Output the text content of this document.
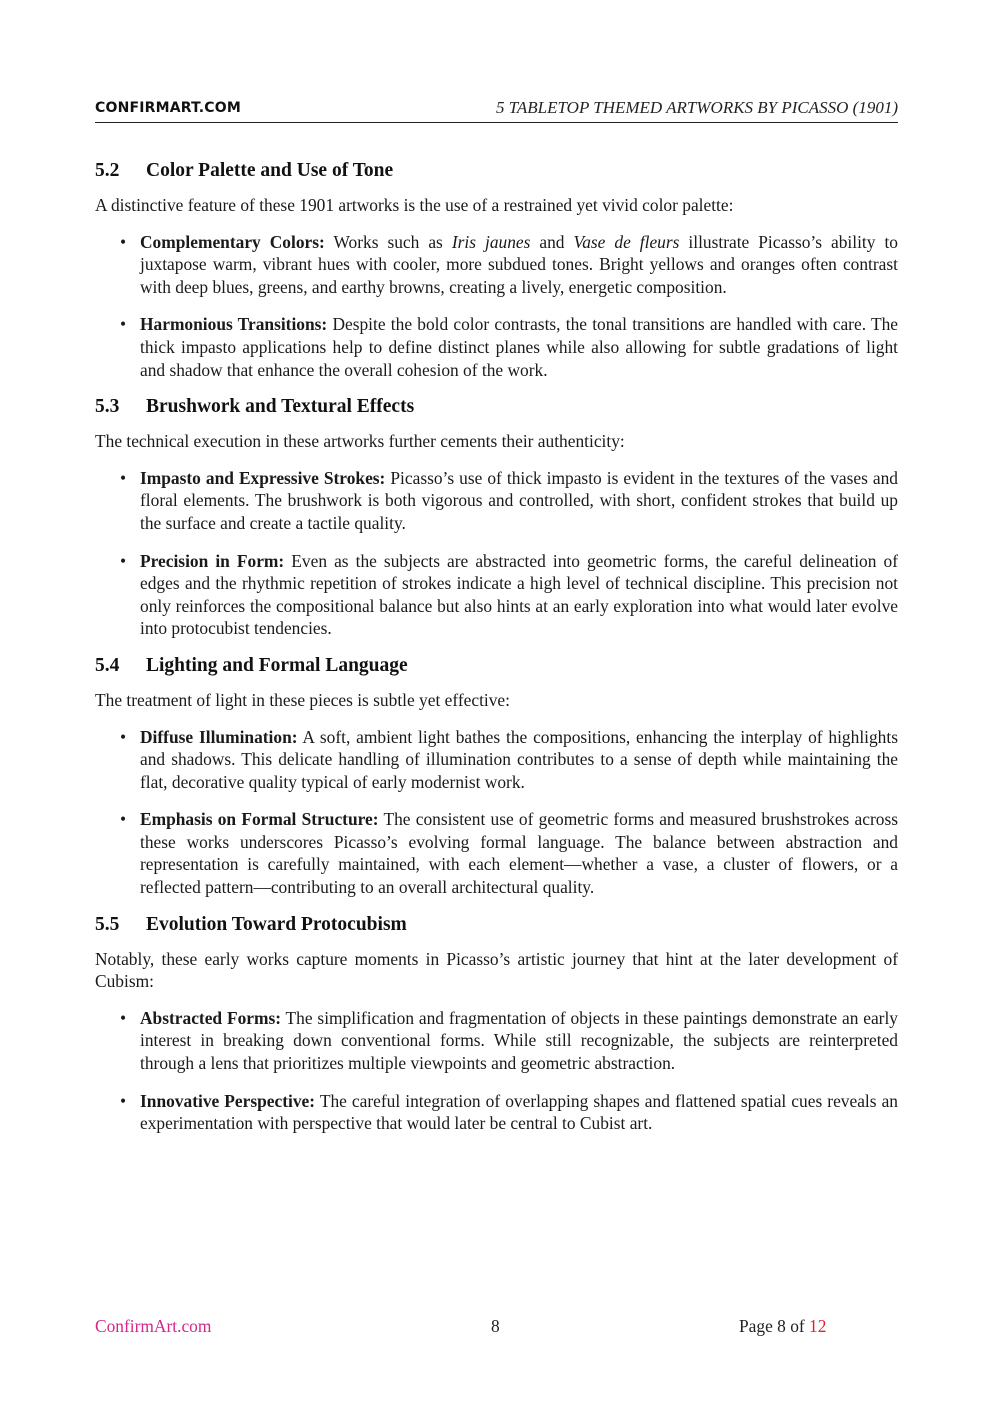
CONFIRMART.COM	5 TABLETOP THEMED ARTWORKS BY PICASSO (1901)
5.2 Color Palette and Use of Tone

A distinctive feature of these 1901 artworks is the use of a restrained yet vivid color palette:

• Complementary Colors: Works such as Iris jaunes and Vase de fleurs illustrate Picasso’s ability to juxtapose warm, vibrant hues with cooler, more subdued tones. Bright yellows and oranges often contrast with deep blues, greens, and earthy browns, creating a lively, energetic composition.
• Harmonious Transitions: Despite the bold color contrasts, the tonal transitions are handled with care. The thick impasto applications help to define distinct planes while also allowing for subtle gradations of light and shadow that enhance the overall cohesion of the work.
5.3 Brushwork and Textural Effects

The technical execution in these artworks further cements their authenticity:

• Impasto and Expressive Strokes: Picasso’s use of thick impasto is evident in the textures of the vases and floral elements. The brushwork is both vigorous and controlled, with short, confident strokes that build up the surface and create a tactile quality.
• Precision in Form: Even as the subjects are abstracted into geometric forms, the careful delineation of edges and the rhythmic repetition of strokes indicate a high level of technical discipline. This precision not only reinforces the compositional balance but also hints at an early exploration into what would later evolve into protocubist tendencies.
5.4 Lighting and Formal Language

The treatment of light in these pieces is subtle yet effective:

• Diffuse Illumination: A soft, ambient light bathes the compositions, enhancing the interplay of highlights and shadows. This delicate handling of illumination contributes to a sense of depth while maintaining the flat, decorative quality typical of early modernist work.
• Emphasis on Formal Structure: The consistent use of geometric forms and measured brushstrokes across these works underscores Picasso’s evolving formal language. The balance between abstraction and representation is carefully maintained, with each element—whether a vase, a cluster of flowers, or a reflected pattern—contributing to an overall architectural quality.
5.5 Evolution Toward Protocubism

Notably, these early works capture moments in Picasso’s artistic journey that hint at the later development of Cubism:

• Abstracted Forms: The simplification and fragmentation of objects in these paintings demonstrate an early interest in breaking down conventional forms. While still recognizable, the subjects are reinterpreted through a lens that prioritizes multiple viewpoints and geometric abstraction.
• Innovative Perspective: The careful integration of overlapping shapes and flattened spatial cues reveals an experimentation with perspective that would later be central to Cubist art.
ConfirmArt.com	8	Page 8 of 12
